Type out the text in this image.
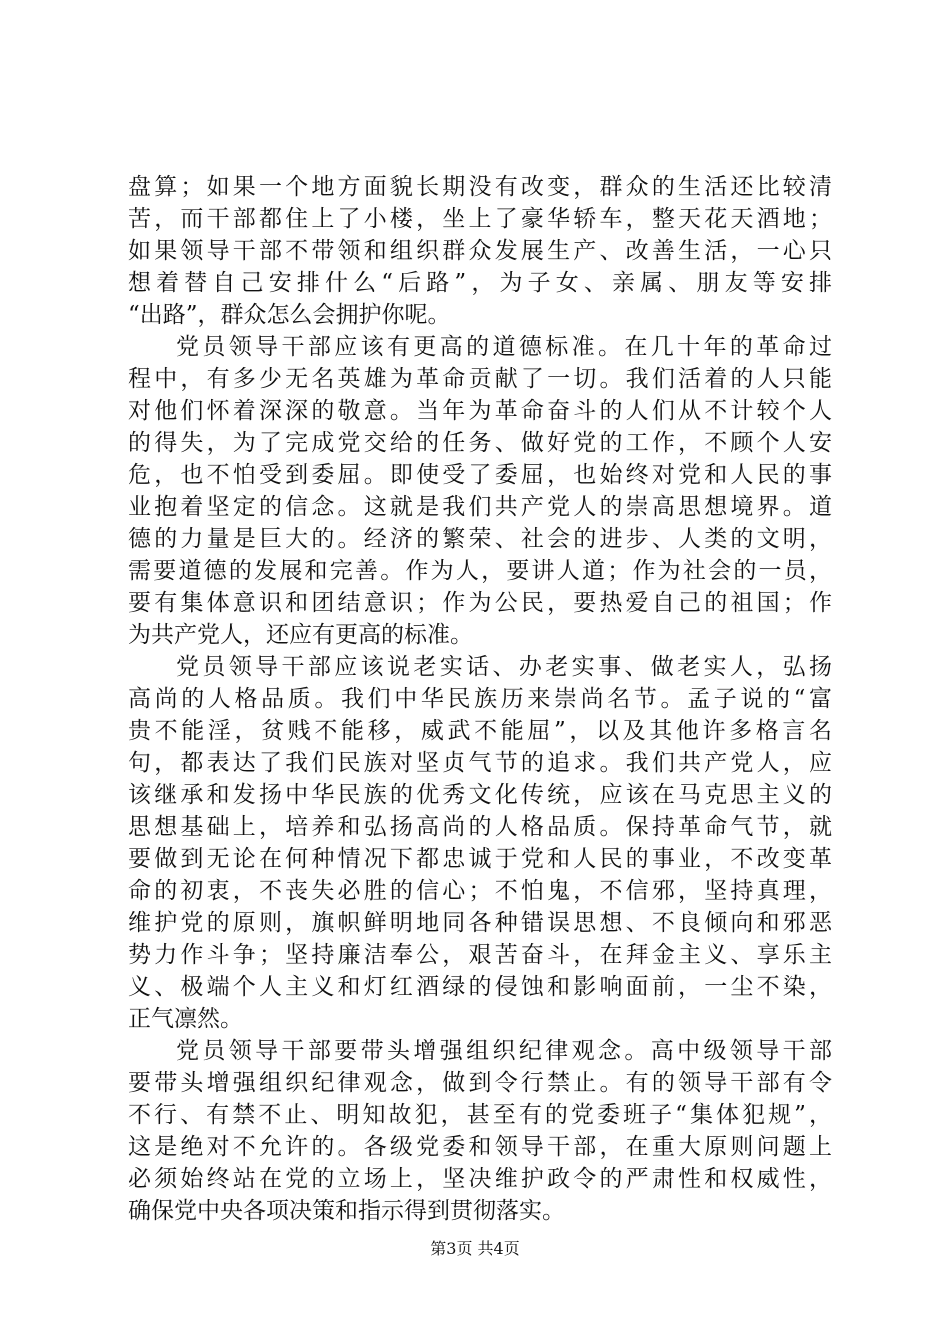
盘算；如果一个地方面貌长期没有改变，群众的生活还比较清
苦，而干部都住上了小楼，坐上了豪华轿车，整天花天酒地；
如果领导干部不带领和组织群众发展生产、改善生活，一心只
想着替自己安排什么“后路”，为子女、亲属、朋友等安排
“出路”，群众怎么会拥护你呢。
党员领导干部应该有更高的道德标准。在几十年的革命过
程中，有多少无名英雄为革命贡献了一切。我们活着的人只能
对他们怀着深深的敬意。当年为革命奋斗的人们从不计较个人
的得失，为了完成党交给的任务、做好党的工作，不顾个人安
危，也不怕受到委屈。即使受了委屈，也始终对党和人民的事
业抱着坚定的信念。这就是我们共产党人的崇高思想境界。道
德的力量是巨大的。经济的繁荣、社会的进步、人类的文明，
需要道德的发展和完善。作为人，要讲人道；作为社会的一员，
要有集体意识和团结意识；作为公民，要热爱自己的祖国；作
为共产党人，还应有更高的标准。
党员领导干部应该说老实话、办老实事、做老实人，弘扬
高尚的人格品质。我们中华民族历来崇尚名节。孟子说的“富
贵不能淫，贫贱不能移，威武不能屈”，以及其他许多格言名
句，都表达了我们民族对坚贞气节的追求。我们共产党人，应
该继承和发扬中华民族的优秀文化传统，应该在马克思主义的
思想基础上，培养和弘扬高尚的人格品质。保持革命气节，就
要做到无论在何种情况下都忠诚于党和人民的事业，不改变革
命的初衷，不丧失必胜的信心；不怕鬼，不信邪，坚持真理，
维护党的原则，旗帜鲜明地同各种错误思想、不良倾向和邪恶
势力作斗争；坚持廉洁奉公，艰苦奋斗，在拜金主义、享乐主
义、极端个人主义和灯红酒绿的侵蚀和影响面前，一尘不染，
正气凛然。
党员领导干部要带头增强组织纪律观念。高中级领导干部
要带头增强组织纪律观念，做到令行禁止。有的领导干部有令
不行、有禁不止、明知故犯，甚至有的党委班子“集体犯规”，
这是绝对不允许的。各级党委和领导干部，在重大原则问题上
必须始终站在党的立场上，坚决维护政令的严肃性和权威性，
确保党中央各项决策和指示得到贯彻落实。
第3页 共4页
